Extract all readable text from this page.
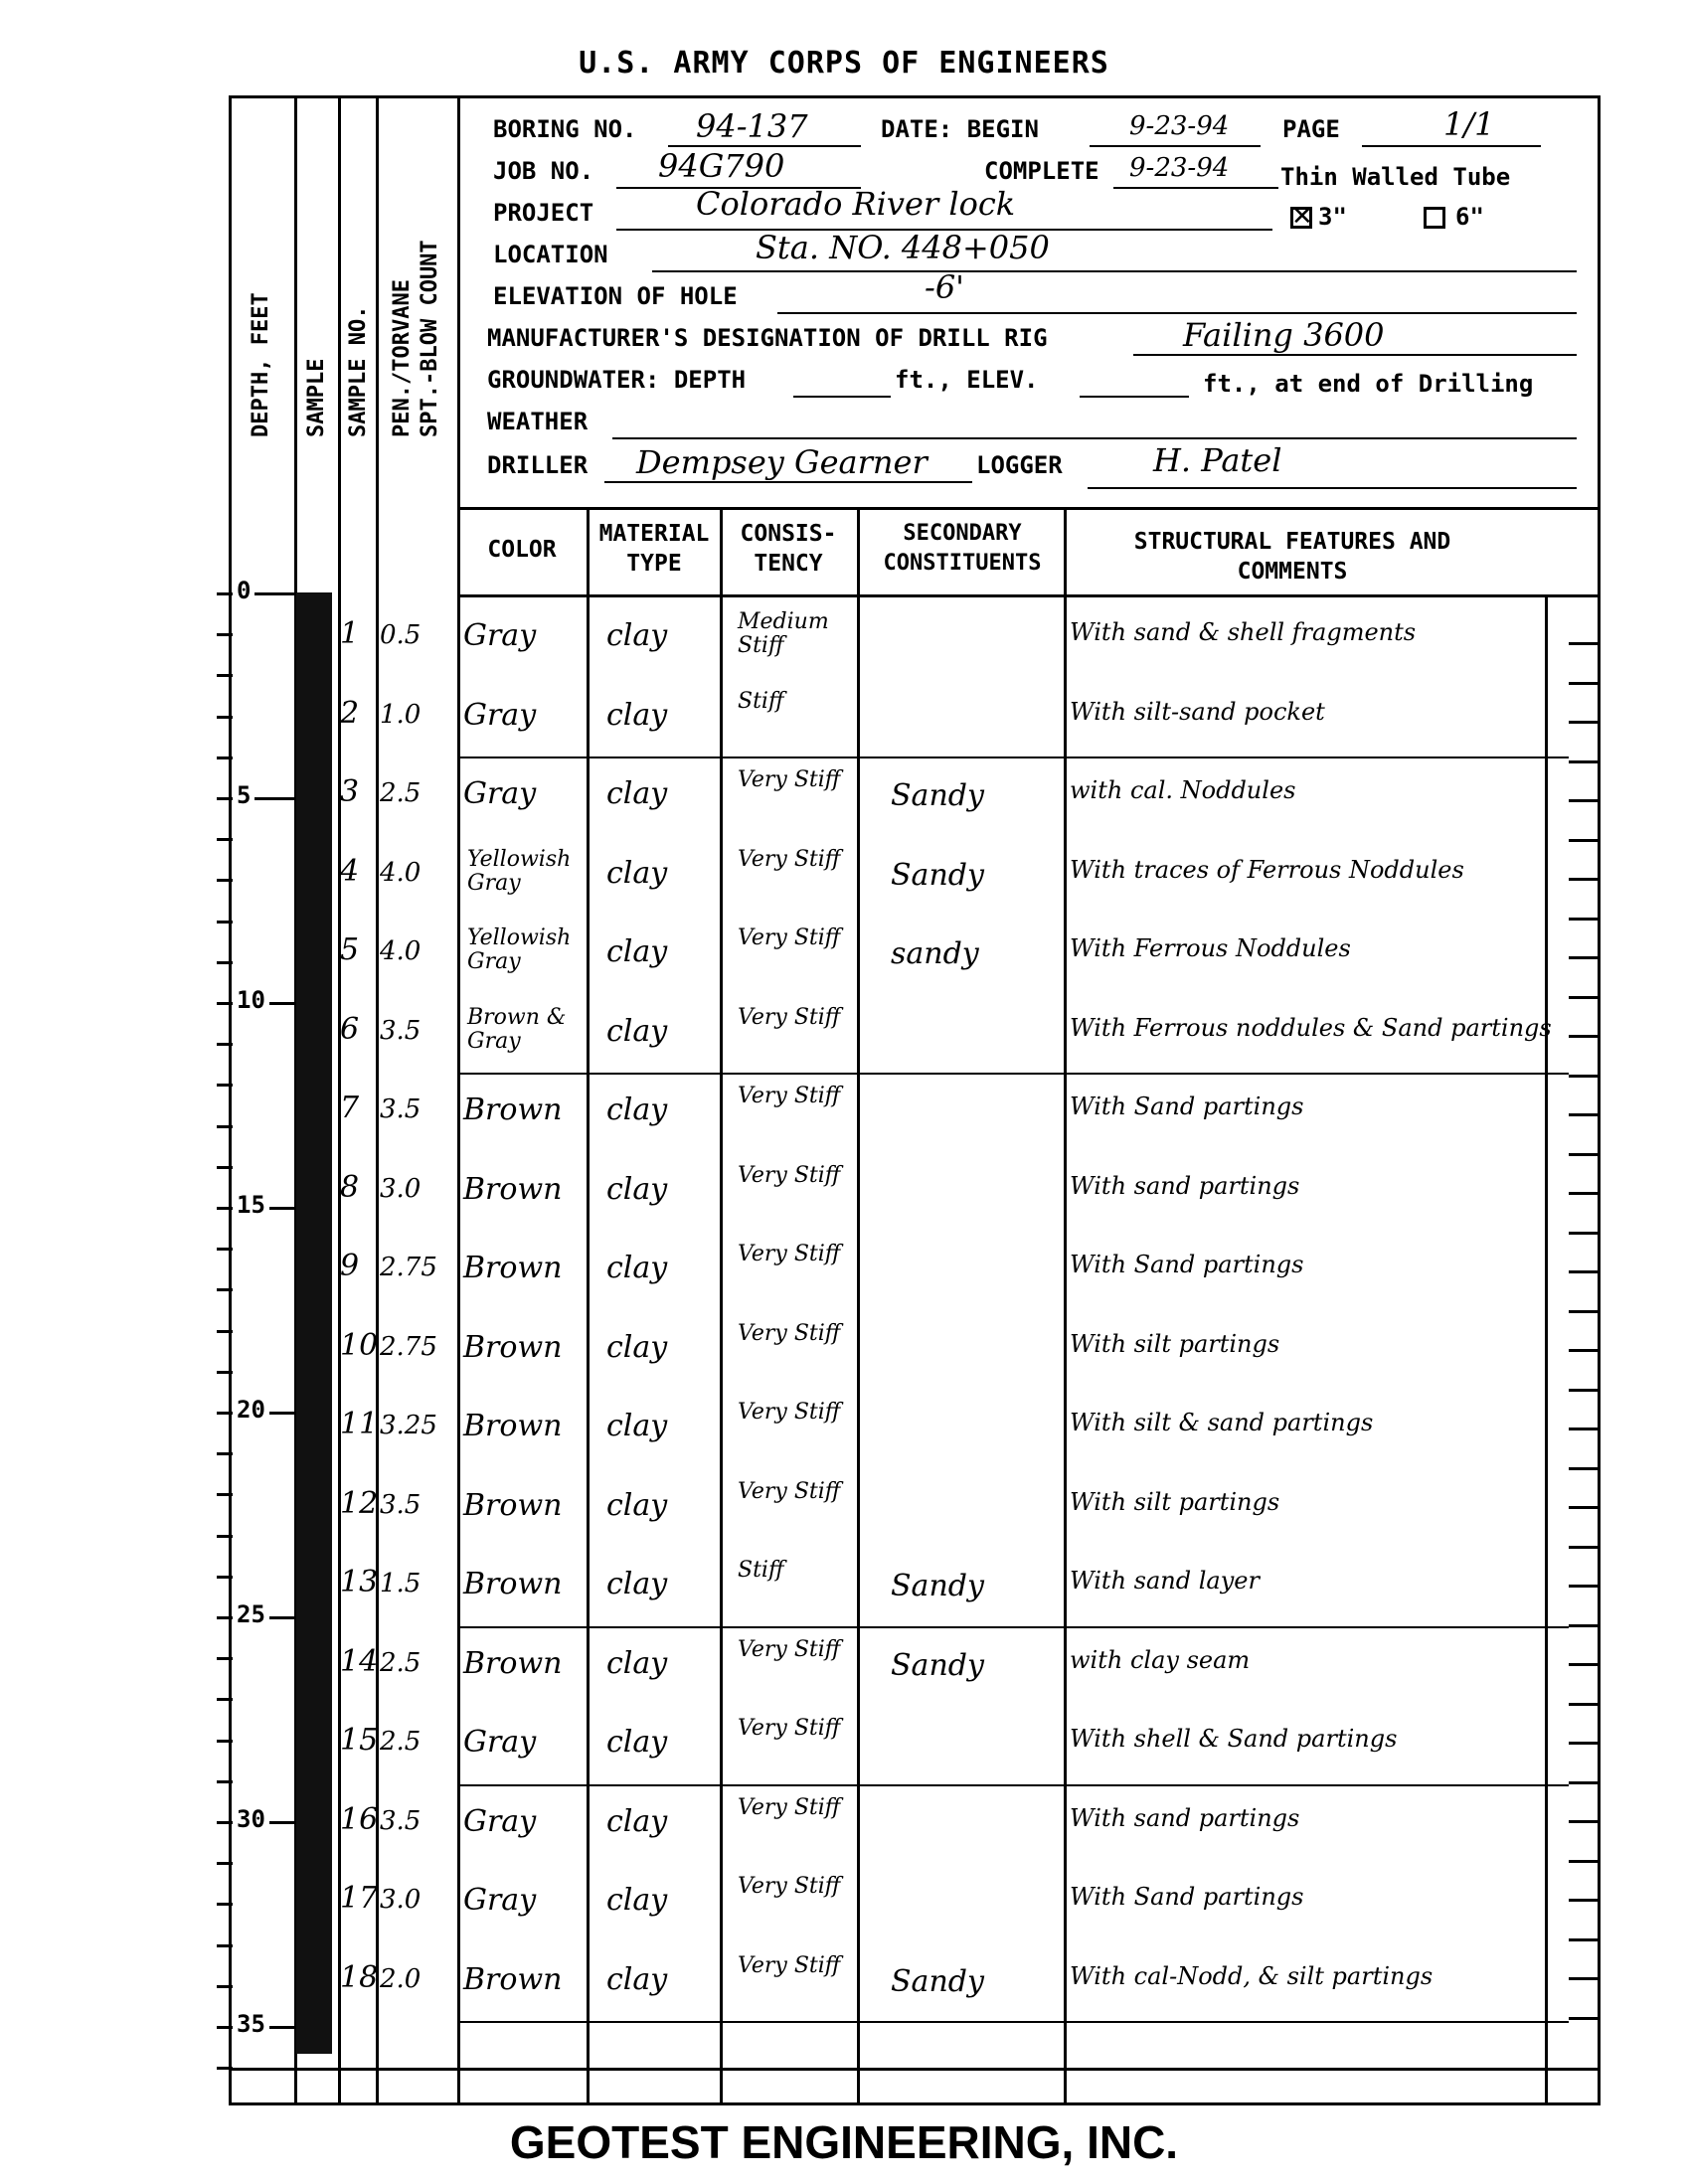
U.S. ARMY CORPS OF ENGINEERS
DEPTH, FEET SAMPLE SAMPLE NO. PEN./TORVANE SPT.-BLOW COUNT
BORING NO. 94-137	DATE: BEGIN	9-23-94 PAGE	1/1
JOB NO. 94G790	COMPLETE 9-23-94 Thin Walled Tube
PROJECT	Colorado River lock
✕	3"	6"
LOCATION	Sta. NO. 448+050
ELEVATION OF HOLE	-6'
MANUFACTURER'S DESIGNATION OF DRILL RIG	Failing 3600
GROUNDWATER: DEPTH	ft., ELEV.	ft., at end of Drilling
WEATHER
DRILLER Dempsey Gearner LOGGER	H. Patel
COLOR
MATERIAL TYPE
CONSIS- TENCY
SECONDARY CONSTITUENTS
STRUCTURAL FEATURES AND COMMENTS
0
5
10
15
20
25
30
35
1 0.5 Gray clay	Medium Stiff	With sand & shell fragments
2 1.0 Gray clay	Stiff	With silt-sand pocket
3 2.5 Gray clay	Very Stiff	Sandy	with cal. Noddules
4 4.0 Yellowish Gray	clay	Very Stiff	Sandy	With traces of Ferrous Noddules
5 4.0 Yellowish Gray	clay	Very Stiff	sandy	With Ferrous Noddules
6 3.5 Brown & Gray	clay	Very Stiff	With Ferrous noddules & Sand partings
7 3.5 Brown clay	Very Stiff	With Sand partings
8 3.0 Brown clay	Very Stiff	With sand partings
9 2.75 Brown clay	Very Stiff	With Sand partings
10 2.75 Brown clay	Very Stiff	With silt partings
11 3.25 Brown clay	Very Stiff	With silt & sand partings
12 3.5 Brown clay	Very Stiff	With silt partings
13 1.5 Brown clay	Stiff	Sandy	With sand layer
14 2.5 Brown clay	Very Stiff	Sandy	with clay seam
15 2.5 Gray clay	Very Stiff	With shell & Sand partings
16 3.5 Gray clay	Very Stiff	With sand partings
17 3.0 Gray clay	Very Stiff	With Sand partings
18 2.0 Brown clay	Very Stiff	Sandy	With cal-Nodd, & silt partings
GEOTEST ENGINEERING, INC.
